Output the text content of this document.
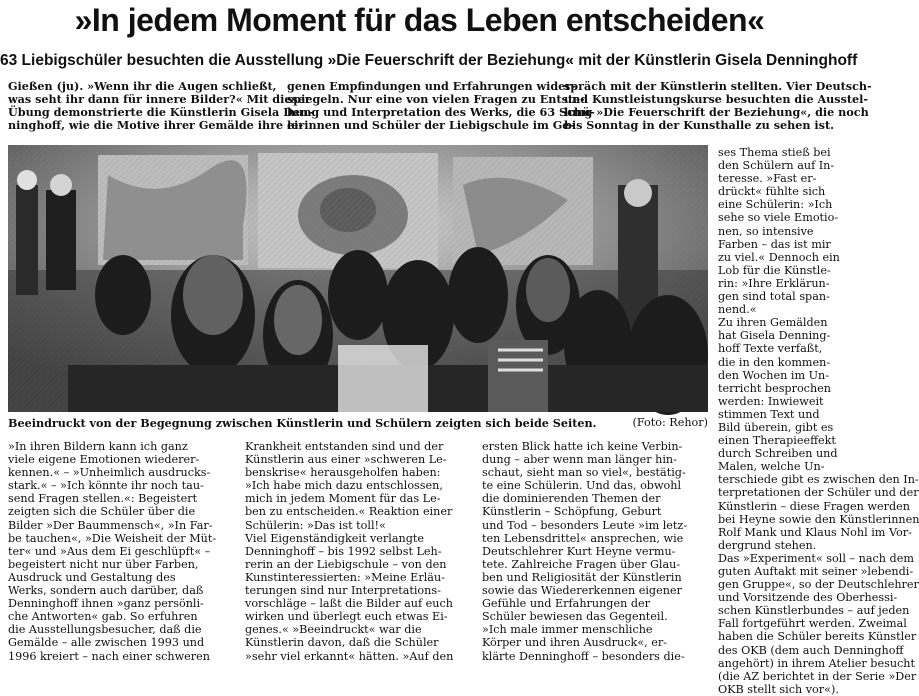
»In jedem Moment für das Leben entscheiden«
63 Liebigschüler besuchten die Ausstellung »Die Feuerschrift der Beziehung« mit der Künstlerin Gisela Denninghoff

Gießen (ju). »Wenn ihr die Augen schließt,
was seht ihr dann für innere Bilder?« Mit dieser
Übung demonstrierte die Künstlerin Gisela Den-
ninghoff, wie die Motive ihrer Gemälde ihre ei-

genen Empfindungen und Erfahrungen wider-
spiegeln. Nur eine von vielen Fragen zu Entste-
hung und Interpretation des Werks, die 63 Schü-
lerinnen und Schüler der Liebigschule im Ge-

spräch mit der Künstlerin stellten. Vier Deutsch-
und Kunstleistungskurse besuchten die Ausstel-
lung »Die Feuerschrift der Beziehung«, die noch
bis Sonntag in der Kunsthalle zu sehen ist.

Beeindruckt von der Begegnung zwischen Künstlerin und Schülern zeigten sich beide Seiten.	(Foto: Rehor)

ses Thema stieß bei
den Schülern auf In-
teresse. »Fast er-
drückt« fühlte sich
eine Schülerin: »Ich
sehe so viele Emotio-
nen, so intensive
Farben – das ist mir
zu viel.« Dennoch ein
Lob für die Künstle-
rin: »Ihre Erklärun-
gen sind total span-
nend.«
Zu ihren Gemälden
hat Gisela Denning-
hoff Texte verfaßt,
die in den kommen-
den Wochen im Un-
terricht besprochen
werden: Inwieweit
stimmen Text und
Bild überein, gibt es
einen Therapieeffekt
durch Schreiben und
Malen, welche Un-
terschiede gibt es zwischen den In-
terpretationen der Schüler und der
Künstlerin – diese Fragen werden
bei Heyne sowie den Künstlerinnen
Rolf Mank und Klaus Nohl im Vor-
dergrund stehen.
Das »Experiment« soll – nach dem
guten Auftakt mit seiner »lebendi-
gen Gruppe«, so der Deutschlehrer
und Vorsitzende des Oberhessi-
schen Künstlerbundes – auf jeden
Fall fortgeführt werden. Zweimal
haben die Schüler bereits Künstler
des OKB (dem auch Denninghoff
angehört) in ihrem Atelier besucht
(die AZ berichtet in der Serie »Der
OKB stellt sich vor«).

»In ihren Bildern kann ich ganz
viele eigene Emotionen wiederer-
kennen.« – »Unheimlich ausdrucks-
stark.« – »Ich könnte ihr noch tau-
send Fragen stellen.«: Begeistert
zeigten sich die Schüler über die
Bilder »Der Baummensch«, »In Far-
be tauchen«, »Die Weisheit der Müt-
ter« und »Aus dem Ei geschlüpft« –
begeistert nicht nur über Farben,
Ausdruck und Gestaltung des
Werks, sondern auch darüber, daß
Denninghoff ihnen »ganz persönli-
che Antworten« gab. So erfuhren
die Ausstellungsbesucher, daß die
Gemälde – alle zwischen 1993 und
1996 kreiert – nach einer schweren

Krankheit entstanden sind und der
Künstlerin aus einer »schweren Le-
benskrise« herausgeholfen haben:
»Ich habe mich dazu entschlossen,
mich in jedem Moment für das Le-
ben zu entscheiden.« Reaktion einer
Schülerin: »Das ist toll!«
Viel Eigenständigkeit verlangte
Denninghoff – bis 1992 selbst Leh-
rerin an der Liebigschule – von den
Kunstinteressierten: »Meine Erläu-
terungen sind nur Interpretations-
vorschläge – laßt die Bilder auf euch
wirken und überlegt euch etwas Ei-
genes.« »Beeindruckt« war die
Künstlerin davon, daß die Schüler
»sehr viel erkannt« hätten. »Auf den

ersten Blick hatte ich keine Verbin-
dung – aber wenn man länger hin-
schaut, sieht man so viel«, bestätig-
te eine Schülerin. Und das, obwohl
die dominierenden Themen der
Künstlerin – Schöpfung, Geburt
und Tod – besonders Leute »im letz-
ten Lebensdrittel« ansprechen, wie
Deutschlehrer Kurt Heyne vermu-
tete. Zahlreiche Fragen über Glau-
ben und Religiosität der Künstlerin
sowie das Wiedererkennen eigener
Gefühle und Erfahrungen der
Schüler bewiesen das Gegenteil.
»Ich male immer menschliche
Körper und ihren Ausdruck«, er-
klärte Denninghoff – besonders die-
